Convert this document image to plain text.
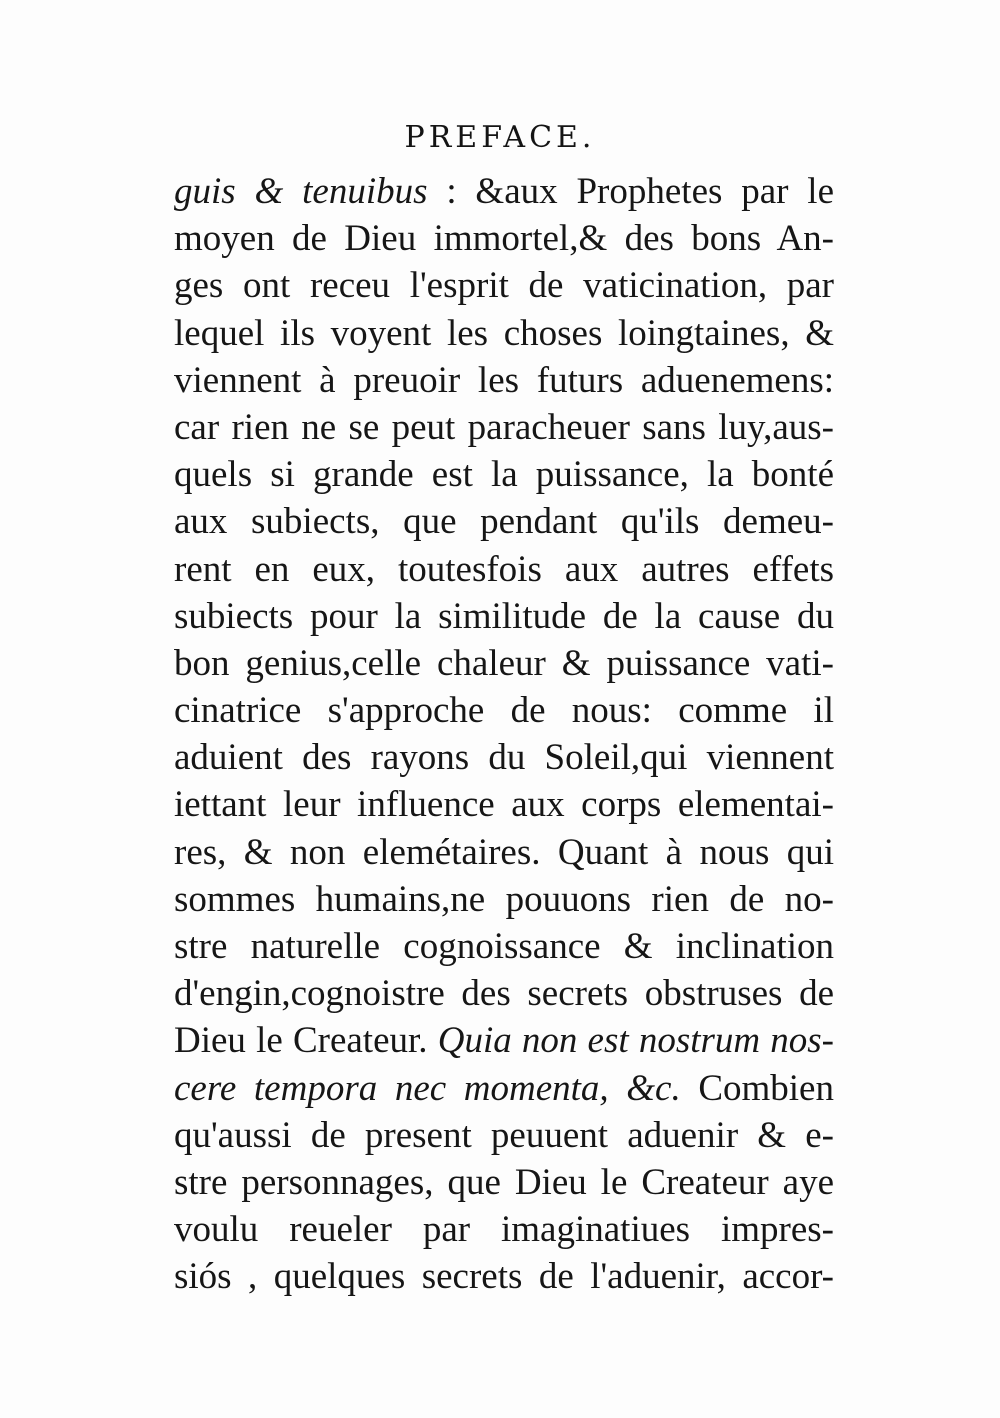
PREFACE.
guis & tenuibus : &aux Prophetes par le
moyen de Dieu immortel,& des bons An-
ges ont receu l'esprit de vaticination, par
lequel ils voyent les choses loingtaines, &
viennent à preuoir les futurs aduenemens:
car rien ne se peut paracheuer sans luy,aus-
quels si grande est la puissance, la bonté
aux subiects, que pendant qu'ils demeu-
rent en eux, toutesfois aux autres effets
subiects pour la similitude de la cause du
bon genius,celle chaleur & puissance vati-
cinatrice s'approche de nous: comme il
aduient des rayons du Soleil,qui viennent
iettant leur influence aux corps elementai-
res, & non elemétaires. Quant à nous qui
sommes humains,ne pouuons rien de no-
stre naturelle cognoissance & inclination
d'engin,cognoistre des secrets obstruses de
Dieu le Createur. Quia non est nostrum nos-
cere tempora nec momenta, &c. Combien
qu'aussi de present peuuent aduenir & e-
stre personnages, que Dieu le Createur aye
voulu reueler par imaginatiues impres-
siós , quelques secrets de l'aduenir, accor-
